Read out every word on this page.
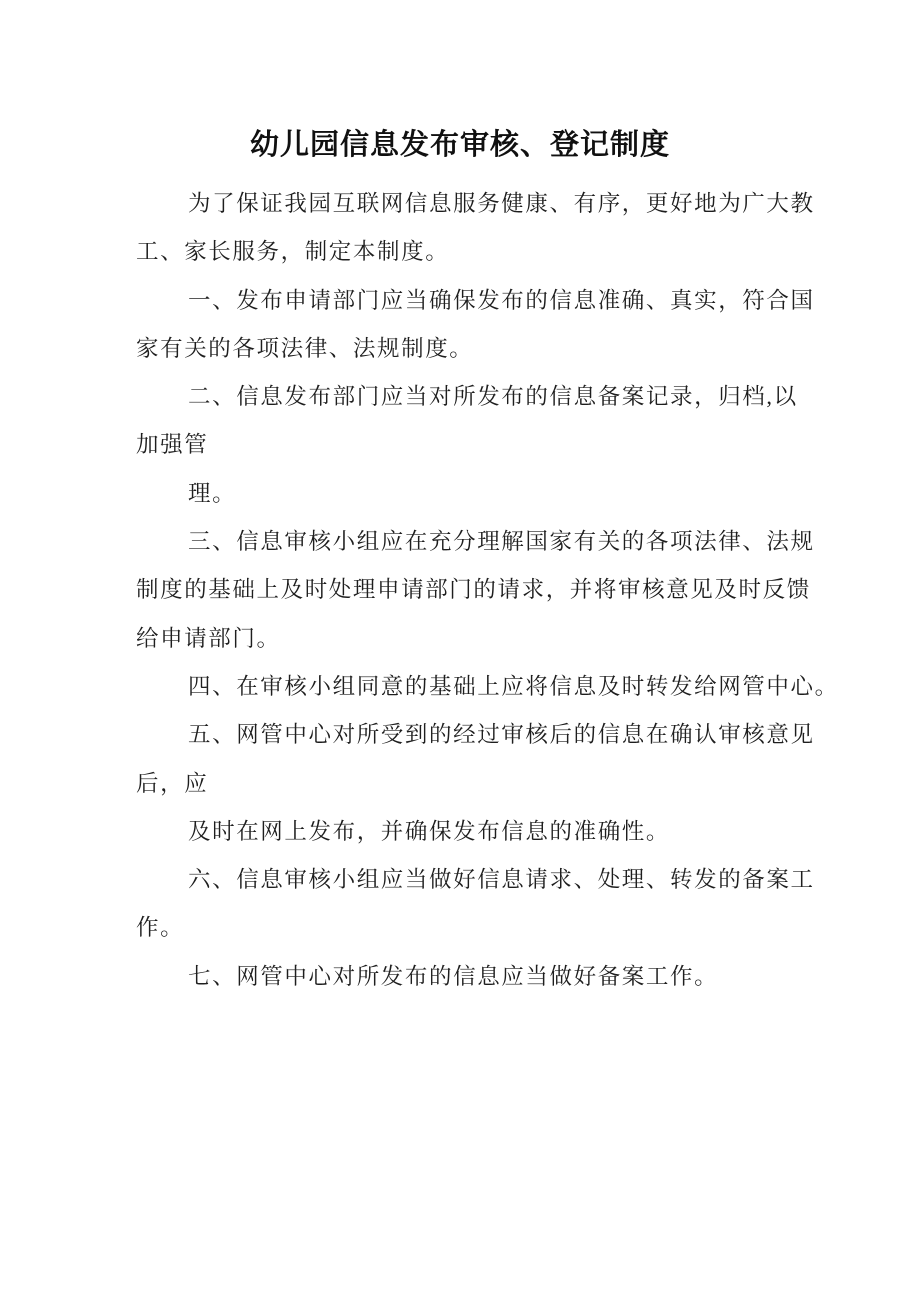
幼儿园信息发布审核、登记制度
为了保证我园互联网信息服务健康、有序，更好地为广大教
工、家长服务，制定本制度。
一、发布申请部门应当确保发布的信息准确、真实，符合国
家有关的各项法律、法规制度。
二、信息发布部门应当对所发布的信息备案记录，归档,以
加强管
理。
三、信息审核小组应在充分理解国家有关的各项法律、法规
制度的基础上及时处理申请部门的请求，并将审核意见及时反馈
给申请部门。
四、在审核小组同意的基础上应将信息及时转发给网管中心。
五、网管中心对所受到的经过审核后的信息在确认审核意见
后，应
及时在网上发布，并确保发布信息的准确性。
六、信息审核小组应当做好信息请求、处理、转发的备案工
作。
七、网管中心对所发布的信息应当做好备案工作。
